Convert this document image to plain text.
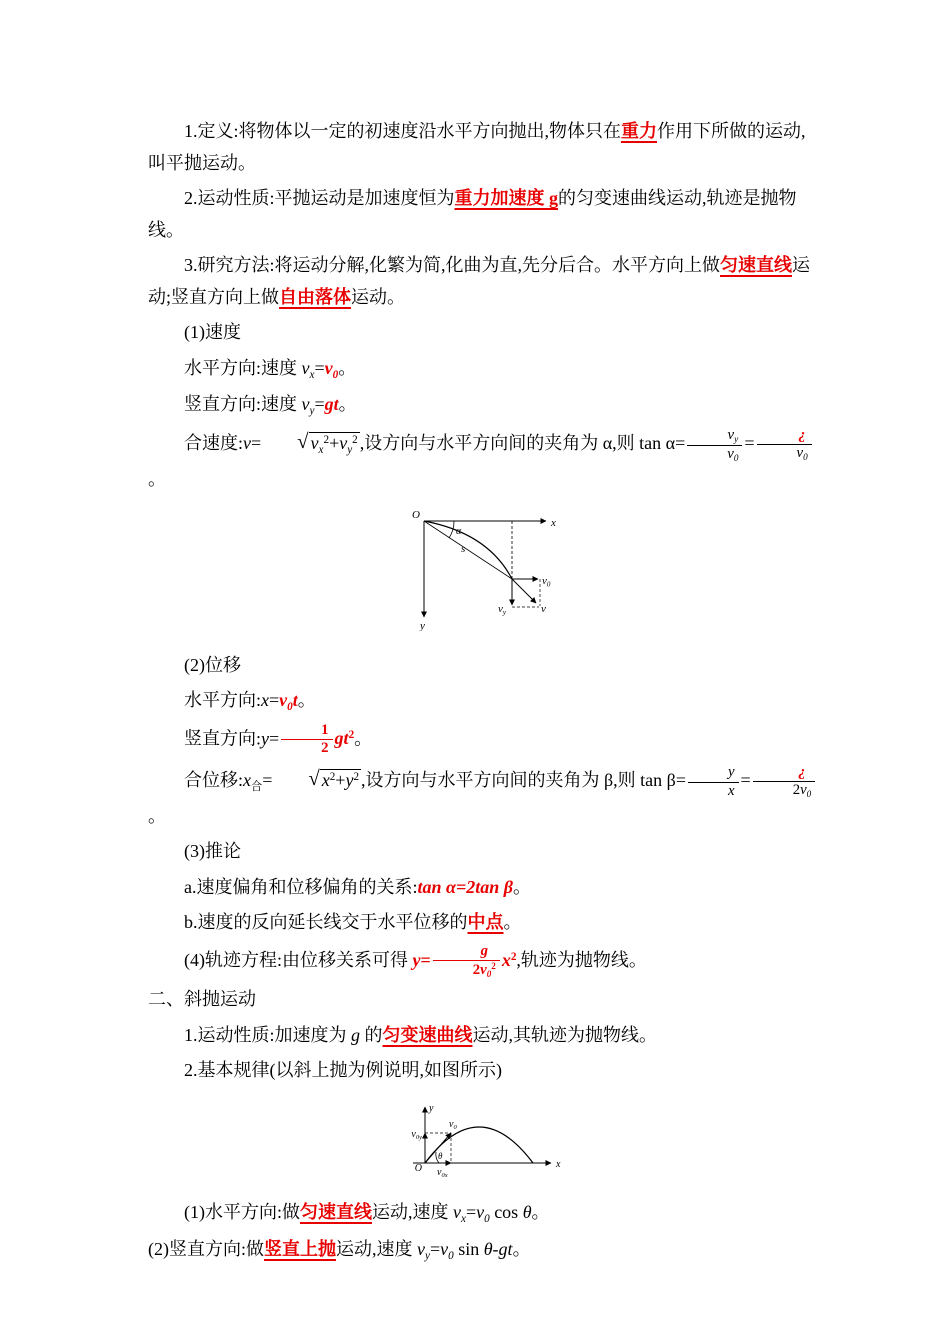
1.定义:将物体以一定的初速度沿水平方向抛出,物体只在重力作用下所做的运动,叫平抛运动。

2.运动性质:平抛运动是加速度恒为重力加速度 g的匀变速曲线运动,轨迹是抛物线。

3.研究方法:将运动分解,化繁为简,化曲为直,先分后合。水平方向上做匀速直线运动;竖直方向上做自由落体运动。

(1)速度

水平方向:速度 $v_x=v_0$。

竖直方向:速度 $v_y=gt$。

合速度:v= √ $v_x^2+v_y^2$ ,设方向与水平方向间的夹角为 α,则 $\tan \alpha= \frac{v_y}{v_0} = \frac{¿}{v_0}$
。

O
x
y
s
α
$v_0$
$v_y$	v

(2)位移

水平方向$:x=v_0t$。

竖直方向:y= $\frac{1}{2} gt^2$。

合位移$:x_合=$ √ $x^2+y^2$ ,设方向与水平方向间的夹角为 β,则 $\tan \beta= \frac{y}{x} = \frac{¿}{2v_0}$
。

(3)推论

a.速度偏角和位移偏角的关系:tan α=2tan β。

b.速度的反向延长线交于水平位移的中点。

(4)轨迹方程:由位移关系可得 $y= \frac{g}{2v_0^2} x^2$,轨迹为抛物线。

二、斜抛运动

1.运动性质:加速度为 g 的匀变速曲线运动,其轨迹为抛物线。

2.基本规律(以斜上抛为例说明,如图所示)

y
x
O
$v_0$
$v_{0y}$
$v_{0x}$
θ

(1)水平方向:做匀速直线运动,速度 $v_x=v_0$ cos θ。

(2)竖直方向:做竖直上抛运动,速度 $v_y=v_0$ sin θ-gt。
